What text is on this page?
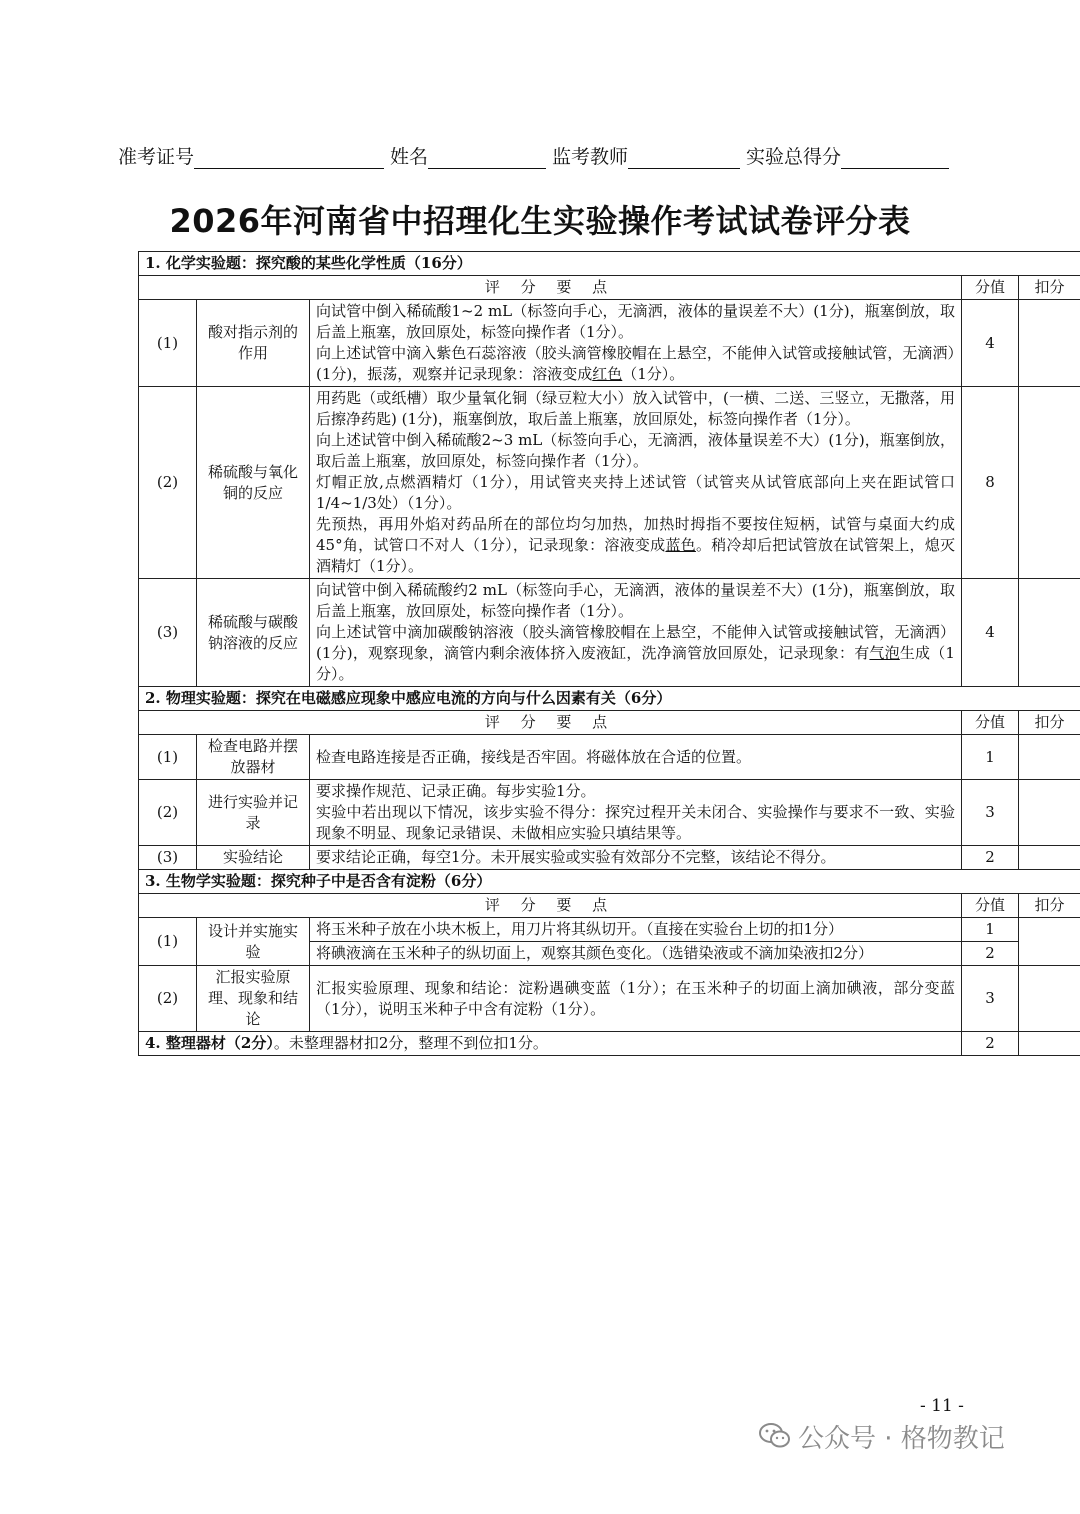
准考证号	姓名	监考教师	实验总得分
2026年河南省中招理化生实验操作考试试卷评分表
1. 化学实验题：探究酸的某些化学性质（16分）				
评 分 要 点			分值	扣分
(1)	酸对指示剂的作用	向试管中倒入稀硫酸1~2 mL（标签向手心，无滴洒，液体的量误差不大）(1分)，瓶塞倒放，取后盖上瓶塞，放回原处，标签向操作者（1分）。
向上述试管中滴入紫色石蕊溶液（胶头滴管橡胶帽在上悬空，不能伸入试管或接触试管，无滴洒）(1分)，振荡，观察并记录现象：溶液变成红色（1分）。	4	
(2)	稀硫酸与氧化铜的反应	用药匙（或纸槽）取少量氧化铜（绿豆粒大小）放入试管中，(一横、二送、三竖立，无撒落，用后擦净药匙) (1分)，瓶塞倒放，取后盖上瓶塞，放回原处，标签向操作者（1分）。
向上述试管中倒入稀硫酸2~3 mL（标签向手心，无滴洒，液体量误差不大）(1分)，瓶塞倒放，取后盖上瓶塞，放回原处，标签向操作者（1分）。
灯帽正放,点燃酒精灯（1分），用试管夹夹持上述试管（试管夹从试管底部向上夹在距试管口1/4~1/3处）（1分）。
先预热，再用外焰对药品所在的部位均匀加热，加热时拇指不要按住短柄，试管与桌面大约成45°角，试管口不对人（1分），记录现象：溶液变成蓝色。稍冷却后把试管放在试管架上，熄灭酒精灯（1分）。	8	
(3)	稀硫酸与碳酸钠溶液的反应	向试管中倒入稀硫酸约2 mL（标签向手心，无滴洒，液体的量误差不大）(1分)，瓶塞倒放，取后盖上瓶塞，放回原处，标签向操作者（1分）。
向上述试管中滴加碳酸钠溶液（胶头滴管橡胶帽在上悬空，不能伸入试管或接触试管，无滴洒）(1分)，观察现象，滴管内剩余液体挤入废液缸，洗净滴管放回原处，记录现象：有气泡生成（1分）。	4	
2. 物理实验题：探究在电磁感应现象中感应电流的方向与什么因素有关（6分）				
评 分 要 点			分值	扣分
(1)	检查电路并摆放器材	检查电路连接是否正确，接线是否牢固。将磁体放在合适的位置。	1	
(2)	进行实验并记录	要求操作规范、记录正确。每步实验1分。
实验中若出现以下情况，该步实验不得分：探究过程开关未闭合、实验操作与要求不一致、实验现象不明显、现象记录错误、未做相应实验只填结果等。	3	
(3)	实验结论	要求结论正确，每空1分。未开展实验或实验有效部分不完整，该结论不得分。	2	
3. 生物学实验题：探究种子中是否含有淀粉（6分）				
评 分 要 点			分值	扣分
(1)	设计并实施实验	将玉米种子放在小块木板上，用刀片将其纵切开。（直接在实验台上切的扣1分）	1	
		将碘液滴在玉米种子的纵切面上，观察其颜色变化。（选错染液或不滴加染液扣2分）	2	
(2)	汇报实验原理、现象和结论	汇报实验原理、现象和结论：淀粉遇碘变蓝（1分）；在玉米种子的切面上滴加碘液，部分变蓝（1分），说明玉米种子中含有淀粉（1分）。	3	
4. 整理器材（2分）。未整理器材扣2分，整理不到位扣1分。			2	
- 11 -
公众号 · 格物教记
